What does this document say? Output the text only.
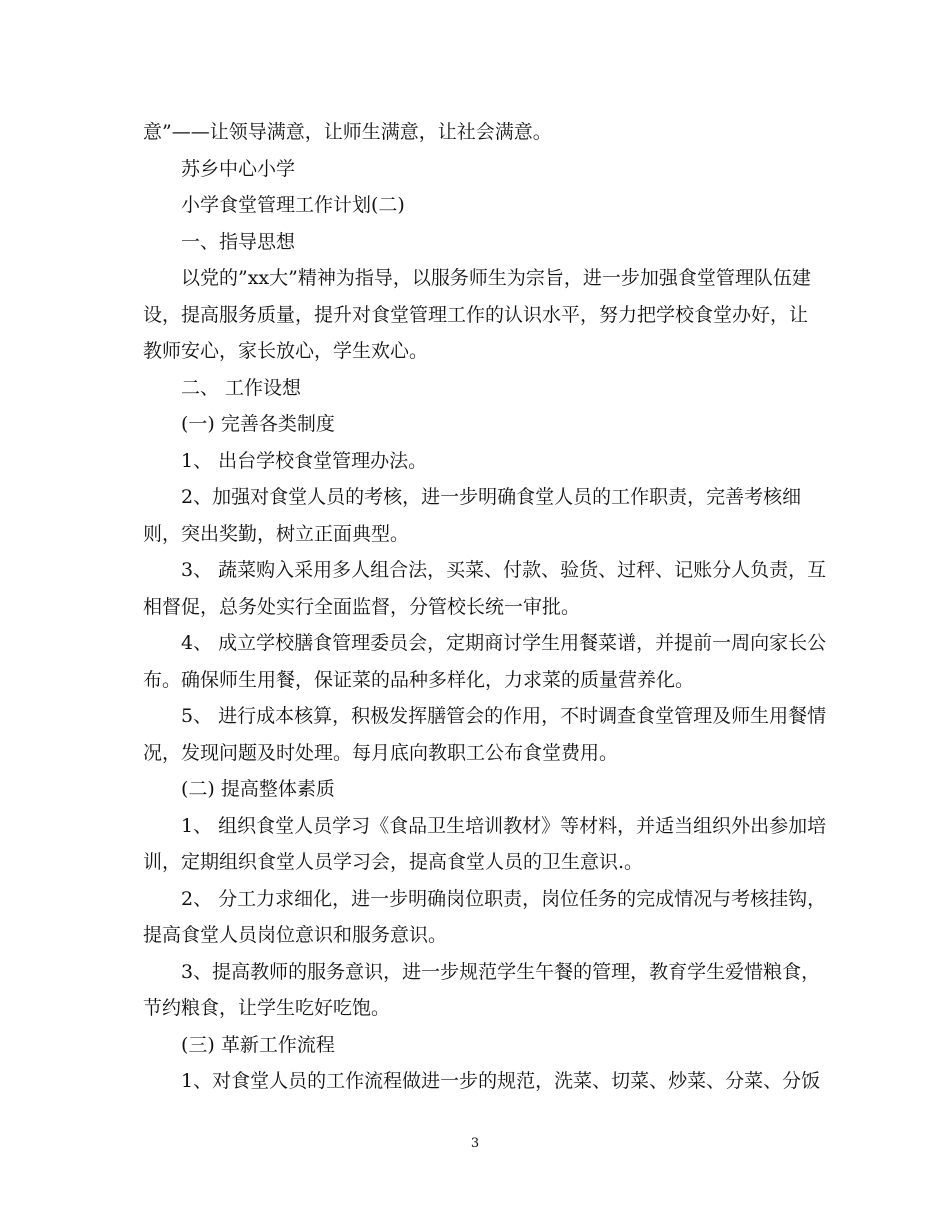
意”——让领导满意，让师生满意，让社会满意。

苏乡中心小学

小学食堂管理工作计划(二)

一、指导思想

以党的”xx大”精神为指导，以服务师生为宗旨，进一步加强食堂管理队伍建

设，提高服务质量，提升对食堂管理工作的认识水平，努力把学校食堂办好，让

教师安心，家长放心，学生欢心。

二、 工作设想

(一) 完善各类制度

1、 出台学校食堂管理办法。

2、加强对食堂人员的考核，进一步明确食堂人员的工作职责，完善考核细

则，突出奖勤，树立正面典型。

3、 蔬菜购入采用多人组合法，买菜、付款、验货、过秤、记账分人负责，互

相督促，总务处实行全面监督，分管校长统一审批。

4、 成立学校膳食管理委员会，定期商讨学生用餐菜谱，并提前一周向家长公

布。确保师生用餐，保证菜的品种多样化，力求菜的质量营养化。

5、 进行成本核算，积极发挥膳管会的作用，不时调查食堂管理及师生用餐情

况，发现问题及时处理。每月底向教职工公布食堂费用。

(二) 提高整体素质

1、 组织食堂人员学习《食品卫生培训教材》等材料，并适当组织外出参加培

训，定期组织食堂人员学习会，提高食堂人员的卫生意识.。

2、 分工力求细化，进一步明确岗位职责，岗位任务的完成情况与考核挂钩，

提高食堂人员岗位意识和服务意识。

3、提高教师的服务意识，进一步规范学生午餐的管理，教育学生爱惜粮食，

节约粮食，让学生吃好吃饱。

(三) 革新工作流程

1、对食堂人员的工作流程做进一步的规范，洗菜、切菜、炒菜、分菜、分饭

3
